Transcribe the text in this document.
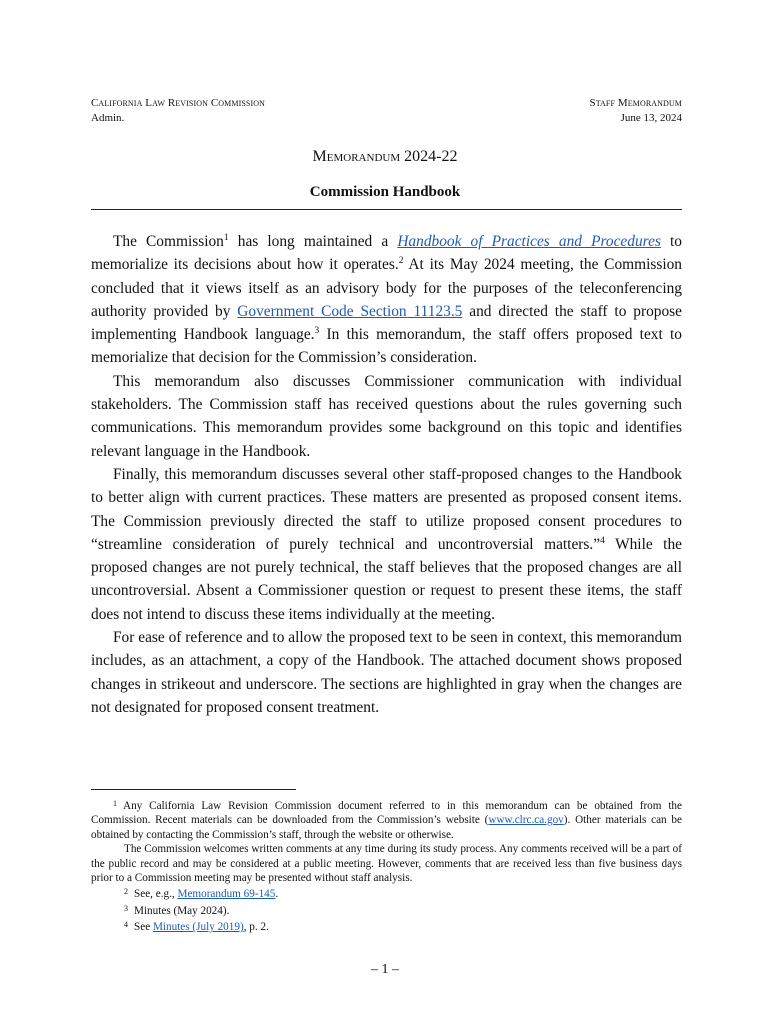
California Law Revision Commission	Staff Memorandum
Admin.	June 13, 2024
Memorandum 2024-22
Commission Handbook

The Commission$^1$ has long maintained a Handbook of Practices and Procedures to memorialize its decisions about how it operates.$^2$ At its May 2024 meeting, the Commission concluded that it views itself as an advisory body for the purposes of the teleconferencing authority provided by Government Code Section 11123.5 and directed the staff to propose implementing Handbook language.$^3$ In this memorandum, the staff offers proposed text to memorialize that decision for the Commission’s consideration.

This memorandum also discusses Commissioner communication with individual stakeholders. The Commission staff has received questions about the rules governing such communications. This memorandum provides some background on this topic and identifies relevant language in the Handbook.

Finally, this memorandum discusses several other staff-proposed changes to the Handbook to better align with current practices. These matters are presented as proposed consent items. The Commission previously directed the staff to utilize proposed consent procedures to “streamline consideration of purely technical and uncontroversial matters.”$^4$ While the proposed changes are not purely technical, the staff believes that the proposed changes are all uncontroversial. Absent a Commissioner question or request to present these items, the staff does not intend to discuss these items individually at the meeting.

For ease of reference and to allow the proposed text to be seen in context, this memorandum includes, as an attachment, a copy of the Handbook. The attached document shows proposed changes in strikeout and underscore. The sections are highlighted in gray when the changes are not designated for proposed consent treatment.

$^1$ Any California Law Revision Commission document referred to in this memorandum can be obtained from the Commission. Recent materials can be downloaded from the Commission’s website (www.clrc.ca.gov). Other materials can be obtained by contacting the Commission’s staff, through the website or otherwise.

The Commission welcomes written comments at any time during its study process. Any comments received will be a part of the public record and may be considered at a public meeting. However, comments that are received less than five business days prior to a Commission meeting may be presented without staff analysis.

$^2$ See, e.g., Memorandum 69-145.

$^3$ Minutes (May 2024).

$^4$ See Minutes (July 2019), p. 2.

– 1 –
